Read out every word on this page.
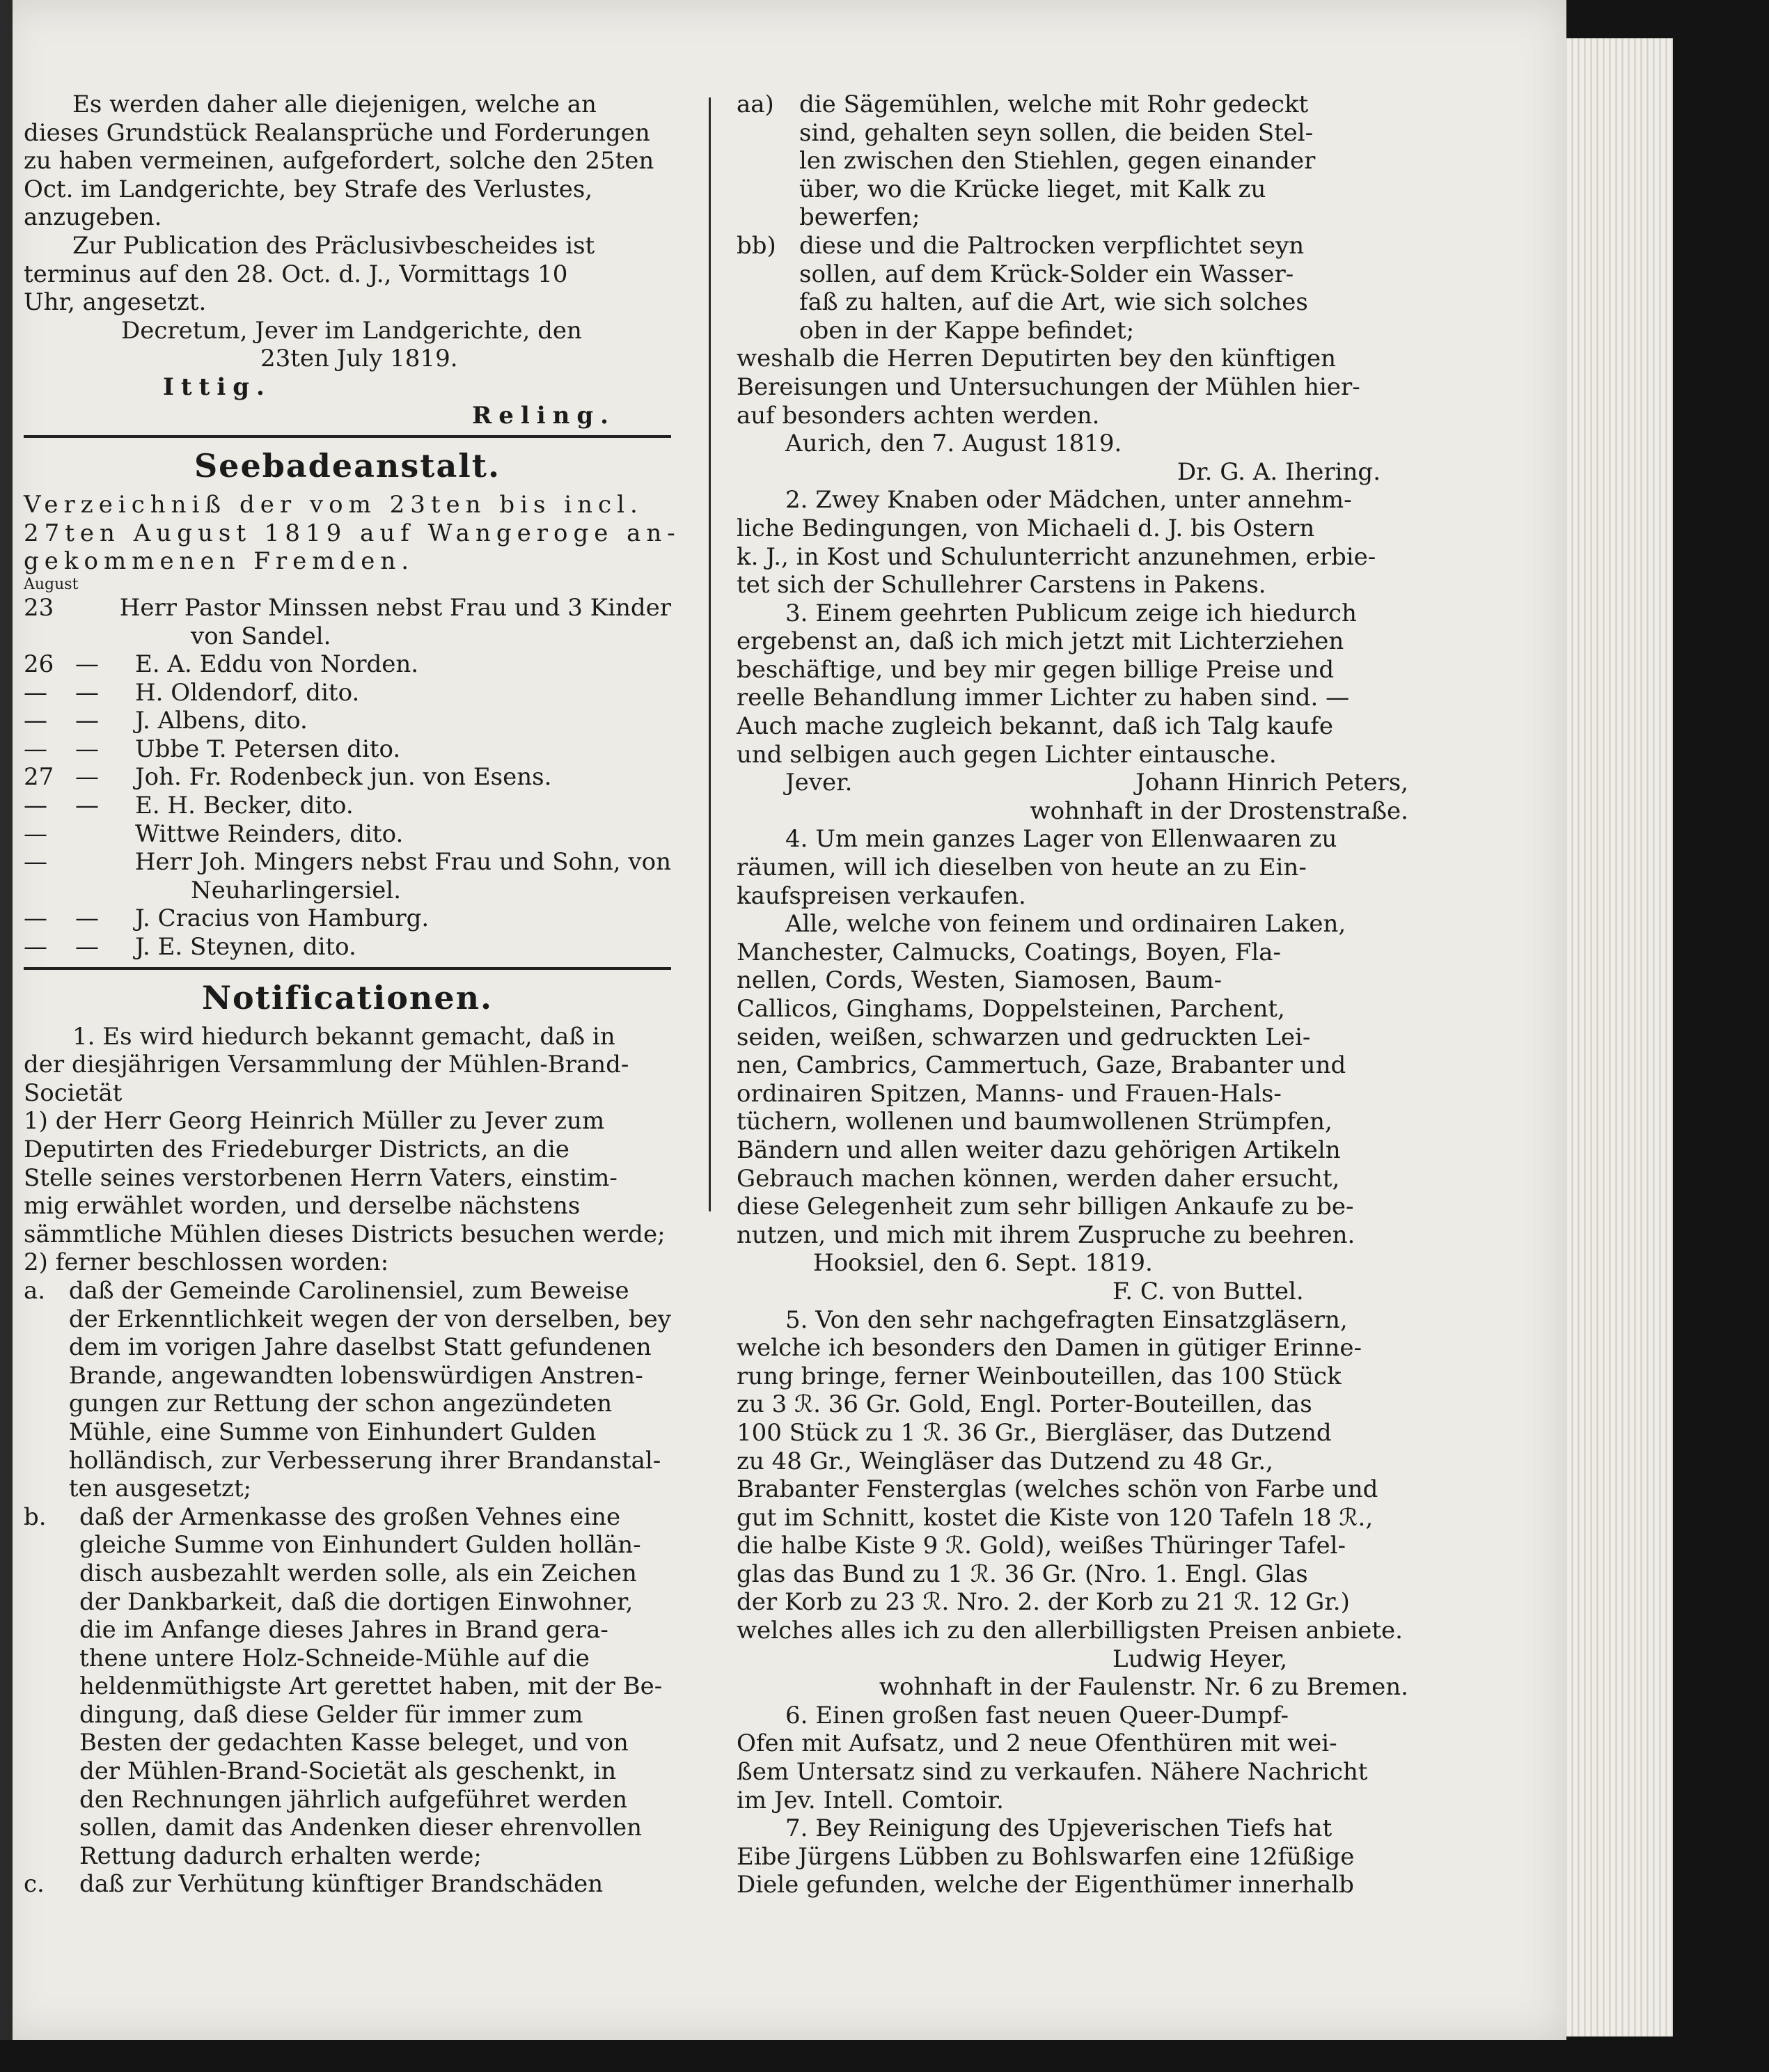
Es werden daher alle diejenigen, welche an

dieses Grundstück Realansprüche und Forderungen

zu haben vermeinen, aufgefordert, solche den 25ten

Oct. im Landgerichte, bey Strafe des Verlustes,

anzugeben.

Zur Publication des Präclusivbescheides ist

terminus auf den 28. Oct. d. J., Vormittags 10

Uhr, angesetzt.

Decretum, Jever im Landgerichte, den

23ten July 1819.

Ittig.

Reling.

Seebadeanstalt.

Verzeichniß der vom 23ten bis incl.

27ten August 1819 auf Wangeroge an-

gekommenen Fremden.

August

23	Herr Pastor Minssen nebst Frau und 3 Kinder
von Sandel.
26 —	E. A. Eddu von Norden.
—	—	H. Oldendorf, dito.
—	—	J. Albens, dito.
—	—	Ubbe T. Petersen dito.
27 —	Joh. Fr. Rodenbeck jun. von Esens.
—	—	E. H. Becker, dito.
—	Wittwe Reinders, dito.
—	Herr Joh. Mingers nebst Frau und Sohn, von
Neuharlingersiel.
—	—	J. Cracius von Hamburg.
—	—	J. E. Steynen, dito.

Notificationen.

1. Es wird hiedurch bekannt gemacht, daß in

der diesjährigen Versammlung der Mühlen-Brand-

Societät

1) der Herr Georg Heinrich Müller zu Jever zum

Deputirten des Friedeburger Districts, an die

Stelle seines verstorbenen Herrn Vaters, einstim-

mig erwählet worden, und derselbe nächstens

sämmtliche Mühlen dieses Districts besuchen werde;

2) ferner beschlossen worden:

a. daß der Gemeinde Carolinensiel, zum Beweise

der Erkenntlichkeit wegen der von derselben, bey

dem im vorigen Jahre daselbst Statt gefundenen

Brande, angewandten lobenswürdigen Anstren-

gungen zur Rettung der schon angezündeten

Mühle, eine Summe von Einhundert Gulden

holländisch, zur Verbesserung ihrer Brandanstal-

ten ausgesetzt;

b.	daß der Armenkasse des großen Vehnes eine

gleiche Summe von Einhundert Gulden hollän-

disch ausbezahlt werden solle, als ein Zeichen

der Dankbarkeit, daß die dortigen Einwohner,

die im Anfange dieses Jahres in Brand gera-

thene untere Holz-Schneide-Mühle auf die

heldenmüthigste Art gerettet haben, mit der Be-

dingung, daß diese Gelder für immer zum

Besten der gedachten Kasse beleget, und von

der Mühlen-Brand-Societät als geschenkt, in

den Rechnungen jährlich aufgeführet werden

sollen, damit das Andenken dieser ehrenvollen

Rettung dadurch erhalten werde;

c.	daß zur Verhütung künftiger Brandschäden

aa)	die Sägemühlen, welche mit Rohr gedeckt

sind, gehalten seyn sollen, die beiden Stel-

len zwischen den Stiehlen, gegen einander

über, wo die Krücke lieget, mit Kalk zu

bewerfen;

bb) diese und die Paltrocken verpflichtet seyn

sollen, auf dem Krück-Solder ein Wasser-

faß zu halten, auf die Art, wie sich solches

oben in der Kappe befindet;

weshalb die Herren Deputirten bey den künftigen

Bereisungen und Untersuchungen der Mühlen hier-

auf besonders achten werden.

Aurich, den 7. August 1819.

Dr. G. A. Ihering.

2. Zwey Knaben oder Mädchen, unter annehm-

liche Bedingungen, von Michaeli d. J. bis Ostern

k. J., in Kost und Schulunterricht anzunehmen, erbie-

tet sich der Schullehrer Carstens in Pakens.

3. Einem geehrten Publicum zeige ich hiedurch

ergebenst an, daß ich mich jetzt mit Lichterziehen

beschäftige, und bey mir gegen billige Preise und

reelle Behandlung immer Lichter zu haben sind. —

Auch mache zugleich bekannt, daß ich Talg kaufe

und selbigen auch gegen Lichter eintausche.

Jever.	Johann Hinrich Peters,

wohnhaft in der Drostenstraße.

4. Um mein ganzes Lager von Ellenwaaren zu

räumen, will ich dieselben von heute an zu Ein-

kaufspreisen verkaufen.

Alle, welche von feinem und ordinairen Laken,

Manchester, Calmucks, Coatings, Boyen, Fla-

nellen, Cords, Westen, Siamosen, Baum-

Callicos, Ginghams, Doppelsteinen, Parchent,

seiden, weißen, schwarzen und gedruckten Lei-

nen, Cambrics, Cammertuch, Gaze, Brabanter und

ordinairen Spitzen, Manns- und Frauen-Hals-

tüchern, wollenen und baumwollenen Strümpfen,

Bändern und allen weiter dazu gehörigen Artikeln

Gebrauch machen können, werden daher ersucht,

diese Gelegenheit zum sehr billigen Ankaufe zu be-

nutzen, und mich mit ihrem Zuspruche zu beehren.

Hooksiel, den 6. Sept. 1819.

F. C. von Buttel.

5. Von den sehr nachgefragten Einsatzgläsern,

welche ich besonders den Damen in gütiger Erinne-

rung bringe, ferner Weinbouteillen, das 100 Stück

zu 3 ℛ. 36 Gr. Gold, Engl. Porter-Bouteillen, das

100 Stück zu 1 ℛ. 36 Gr., Biergläser, das Dutzend

zu 48 Gr., Weingläser das Dutzend zu 48 Gr.,

Brabanter Fensterglas (welches schön von Farbe und

gut im Schnitt, kostet die Kiste von 120 Tafeln 18 ℛ.,

die halbe Kiste 9 ℛ. Gold), weißes Thüringer Tafel-

glas das Bund zu 1 ℛ. 36 Gr. (Nro. 1. Engl. Glas

der Korb zu 23 ℛ. Nro. 2. der Korb zu 21 ℛ. 12 Gr.)

welches alles ich zu den allerbilligsten Preisen anbiete.

Ludwig Heyer,

wohnhaft in der Faulenstr. Nr. 6 zu Bremen.

6. Einen großen fast neuen Queer-Dumpf-

Ofen mit Aufsatz, und 2 neue Ofenthüren mit wei-

ßem Untersatz sind zu verkaufen. Nähere Nachricht

im Jev. Intell. Comtoir.

7. Bey Reinigung des Upjeverischen Tiefs hat

Eibe Jürgens Lübben zu Bohlswarfen eine 12füßige

Diele gefunden, welche der Eigenthümer innerhalb
